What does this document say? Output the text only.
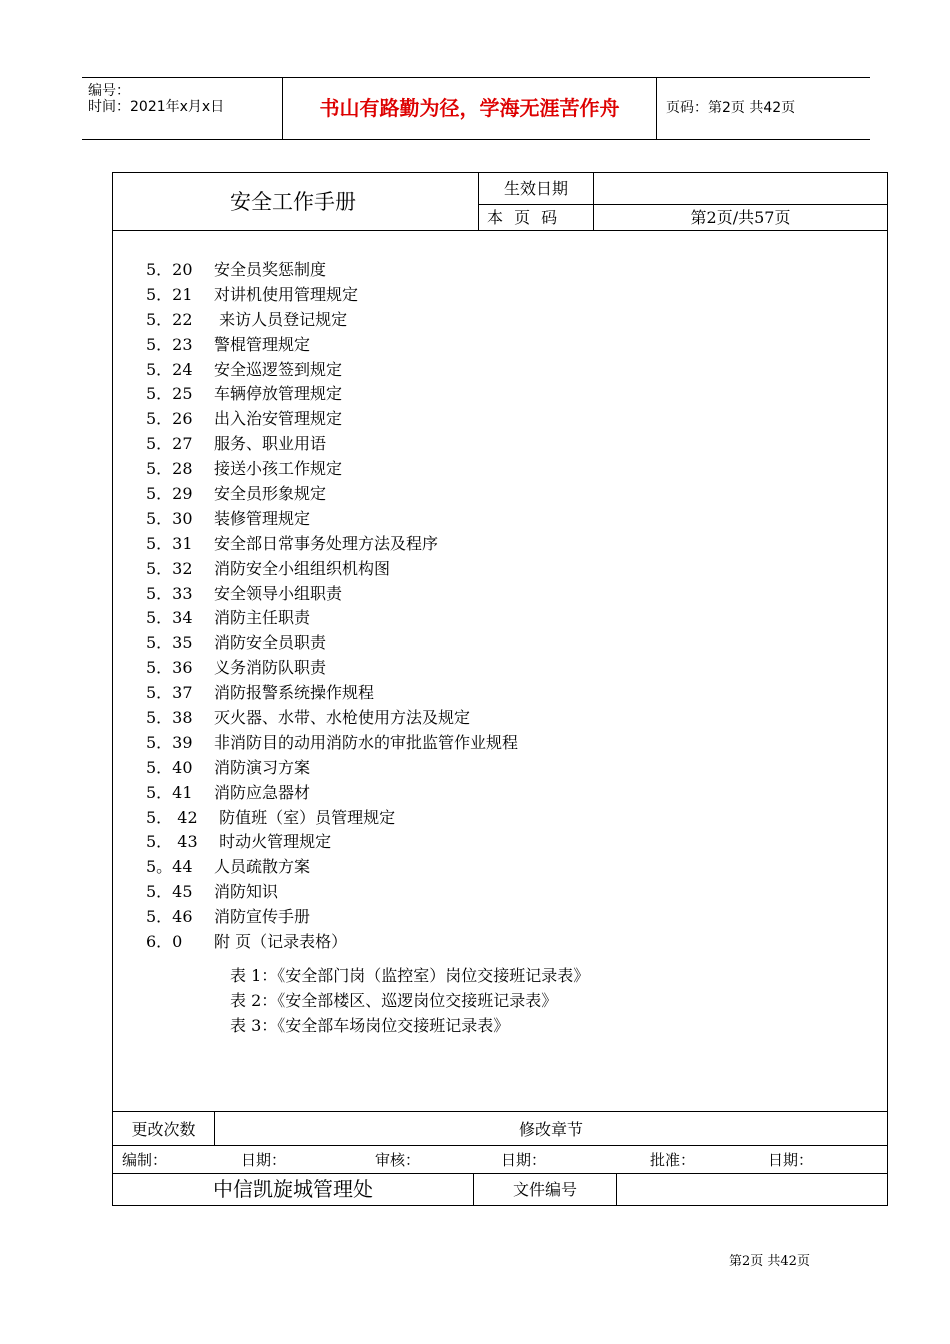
编号：
时间：2021年x月x日	书山有路勤为径，学海无涯苦作舟	页码：第2页 共42页
安全工作手册
生效日期
本 页 码	第2页/共57页
5．20 安全员奖惩制度
5．21 对讲机使用管理规定
5．22 来访人员登记规定
5．23 警棍管理规定
5．24 安全巡逻签到规定
5．25 车辆停放管理规定
5．26 出入治安管理规定
5．27 服务、职业用语
5．28 接送小孩工作规定
5．29 安全员形象规定
5．30 装修管理规定
5．31 安全部日常事务处理方法及程序
5．32 消防安全小组组织机构图
5．33 安全领导小组职责
5．34 消防主任职责
5．35 消防安全员职责
5．36 义务消防队职责
5．37 消防报警系统操作规程
5．38 灭火器、水带、水枪使用方法及规定
5．39 非消防目的动用消防水的审批监管作业规程
5．40 消防演习方案
5．41 消防应急器材
5． 42 防值班（室）员管理规定
5． 43 时动火管理规定
5。44 人员疏散方案
5．45 消防知识
5．46 消防宣传手册
6．0 附 页（记录表格）
表 1：《安全部门岗（监控室）岗位交接班记录表》
表 2：《安全部楼区、巡逻岗位交接班记录表》
表 3：《安全部车场岗位交接班记录表》
更改次数	修改章节
编制：	日期：	审核：	日期：	批准：	日期：
中信凯旋城管理处	文件编号
第2页 共42页
